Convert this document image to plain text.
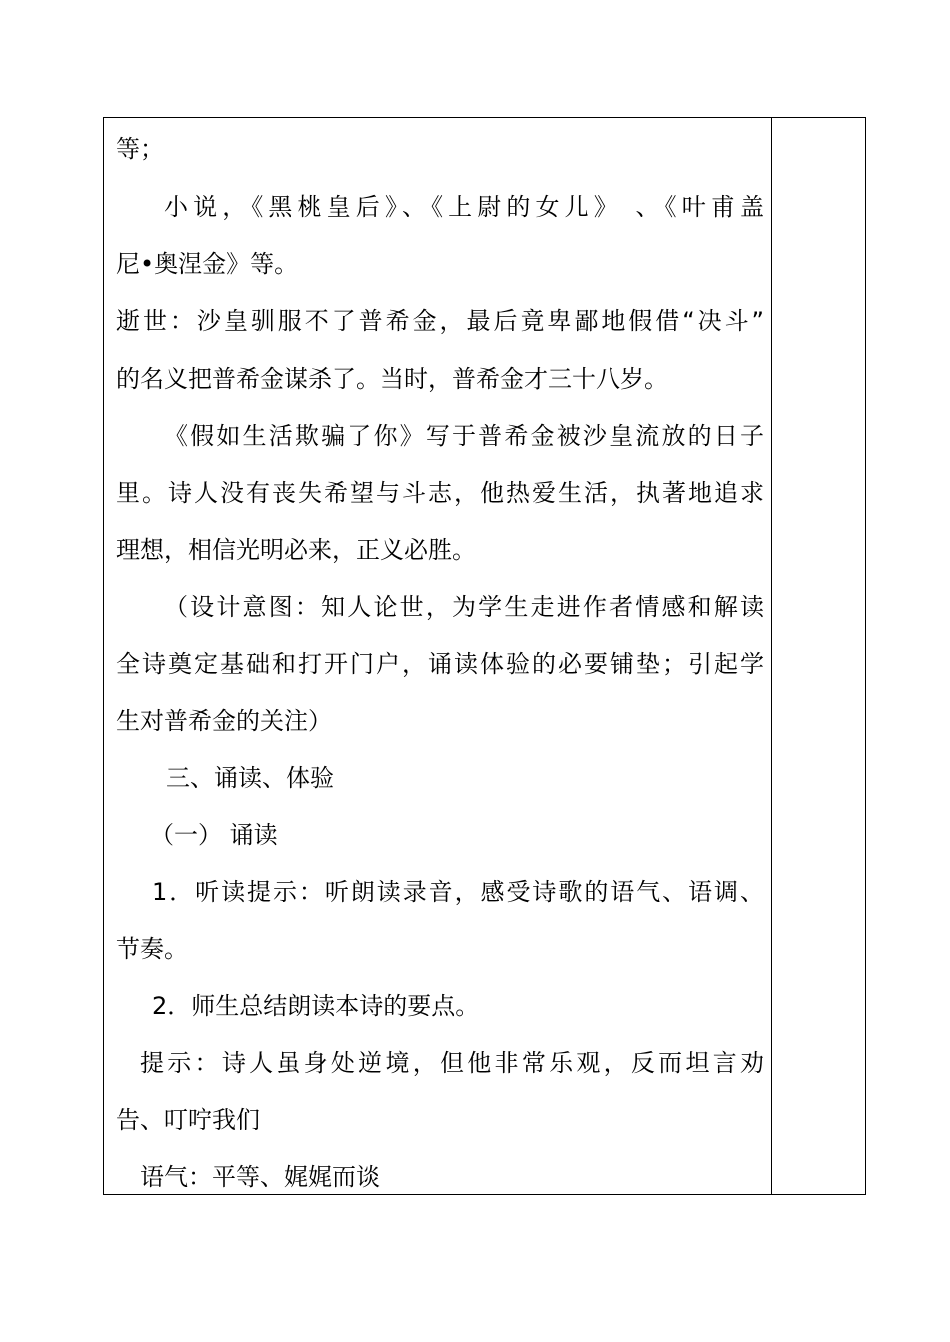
等；
小说，《黑桃皇后》、《上尉的女儿》 、《叶甫盖
尼•奥涅金》等。
逝世：沙皇驯服不了普希金，最后竟卑鄙地假借“决斗”
的名义把普希金谋杀了。当时，普希金才三十八岁。
《假如生活欺骗了你》写于普希金被沙皇流放的日子
里。诗人没有丧失希望与斗志，他热爱生活，执著地追求
理想，相信光明必来，正义必胜。
（设计意图：知人论世，为学生走进作者情感和解读
全诗奠定基础和打开门户，诵读体验的必要铺垫；引起学
生对普希金的关注）
三、诵读、体验
（一） 诵读
1．听读提示：听朗读录音，感受诗歌的语气、语调、
节奏。
2．师生总结朗读本诗的要点。
提示：诗人虽身处逆境，但他非常乐观，反而坦言劝
告、叮咛我们
语气：平等、娓娓而谈
